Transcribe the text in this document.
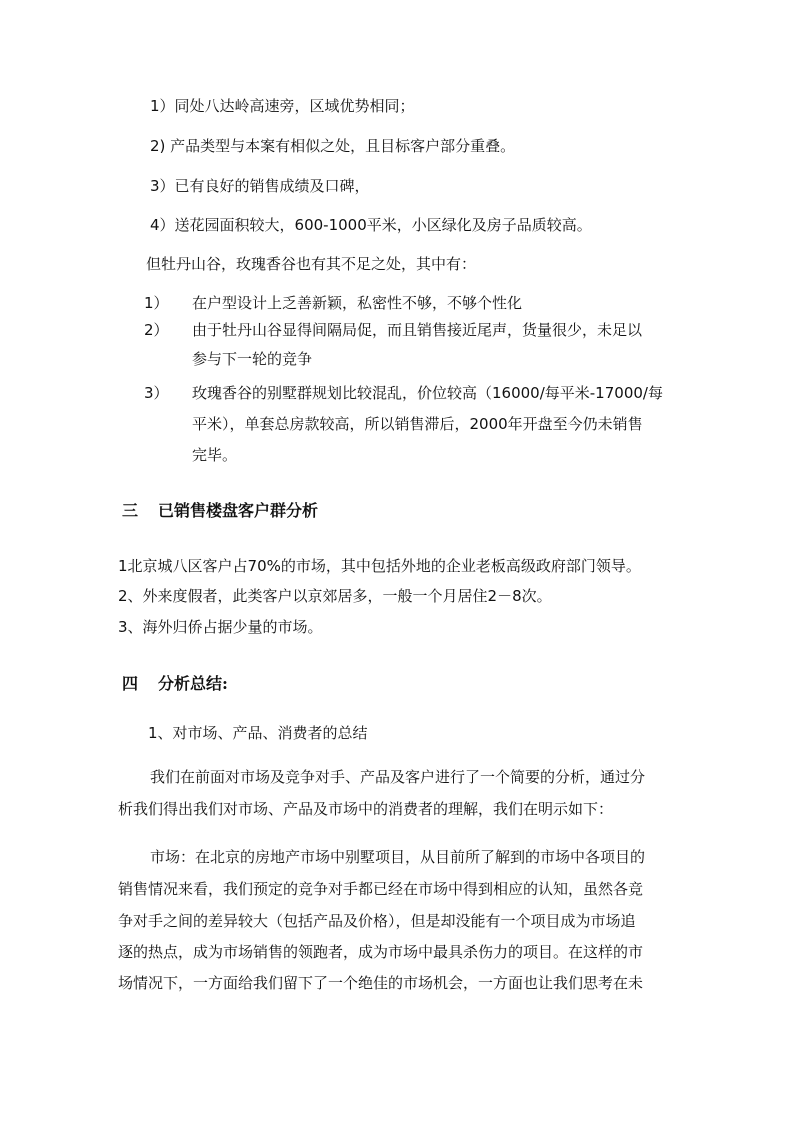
1）同处八达岭高速旁，区域优势相同；
2) 产品类型与本案有相似之处，且目标客户部分重叠。
3）已有良好的销售成绩及口碑，
4）送花园面积较大，600-1000平米，小区绿化及房子品质较高。
但牡丹山谷，玫瑰香谷也有其不足之处，其中有：
1） 在户型设计上乏善新颖，私密性不够，不够个性化
2） 由于牡丹山谷显得间隔局促，而且销售接近尾声，货量很少，未足以
参与下一轮的竞争
3） 玫瑰香谷的别墅群规划比较混乱，价位较高（16000/每平米-17000/每
平米），单套总房款较高，所以销售滞后，2000年开盘至今仍未销售
完毕。
三 已销售楼盘客户群分析
1北京城八区客户占70%的市场，其中包括外地的企业老板高级政府部门领导。
2、外来度假者，此类客户以京郊居多，一般一个月居住2－8次。
3、海外归侨占据少量的市场。
四 分析总结:
1、对市场、产品、消费者的总结
我们在前面对市场及竞争对手、产品及客户进行了一个简要的分析，通过分
析我们得出我们对市场、产品及市场中的消费者的理解，我们在明示如下：
市场：在北京的房地产市场中别墅项目，从目前所了解到的市场中各项目的
销售情况来看，我们预定的竞争对手都已经在市场中得到相应的认知，虽然各竞
争对手之间的差异较大（包括产品及价格），但是却没能有一个项目成为市场追
逐的热点，成为市场销售的领跑者，成为市场中最具杀伤力的项目。在这样的市
场情况下，一方面给我们留下了一个绝佳的市场机会，一方面也让我们思考在未
